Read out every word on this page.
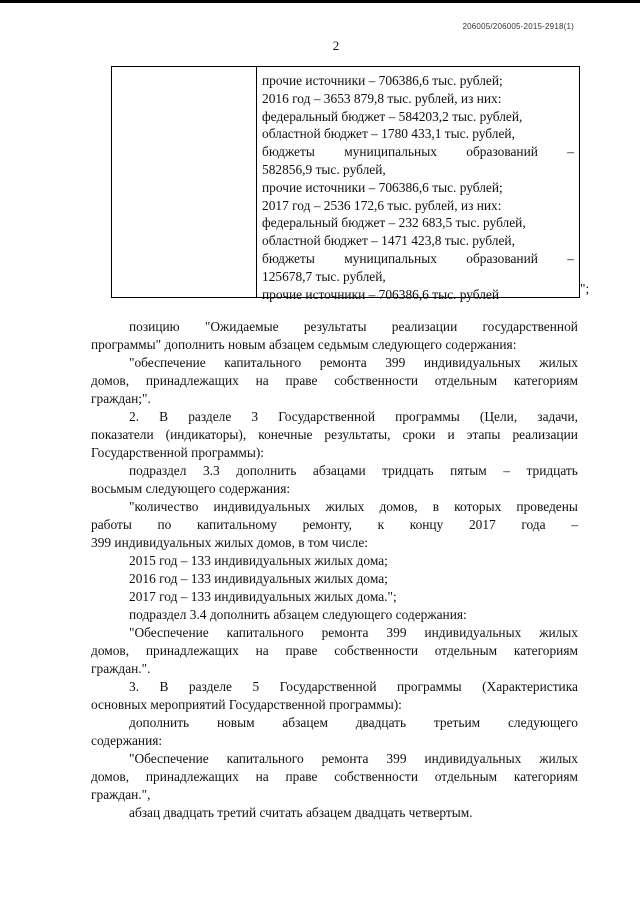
206005/206005-2015-2918(1)
2
прочие источники – 706386,6 тыс. рублей;
2016 год – 3653 879,8 тыс. рублей, из них:
федеральный бюджет – 584203,2 тыс. рублей,
областной бюджет – 1780 433,1 тыс. рублей,
бюджеты муниципальных образований –
582856,9 тыс. рублей,
прочие источники – 706386,6 тыс. рублей;
2017 год – 2536 172,6 тыс. рублей, из них:
федеральный бюджет – 232 683,5 тыс. рублей,
областной бюджет – 1471 423,8 тыс. рублей,
бюджеты муниципальных образований –
125678,7 тыс. рублей,
прочие источники – 706386,6 тыс. рублей	";
позицию "Ожидаемые результаты реализации государственной
программы" дополнить новым абзацем седьмым следующего содержания:
"обеспечение капитального ремонта 399 индивидуальных жилых
домов, принадлежащих на праве собственности отдельным категориям
граждан;".
2. В разделе 3 Государственной программы (Цели, задачи,
показатели (индикаторы), конечные результаты, сроки и этапы реализации
Государственной программы):
подраздел 3.3 дополнить абзацами тридцать пятым – тридцать
восьмым следующего содержания:
"количество индивидуальных жилых домов, в которых проведены
работы по капитальному ремонту, к концу 2017 года –
399 индивидуальных жилых домов, в том числе:
2015 год – 133 индивидуальных жилых дома;
2016 год – 133 индивидуальных жилых дома;
2017 год – 133 индивидуальных жилых дома.";
подраздел 3.4 дополнить абзацем следующего содержания:
"Обеспечение капитального ремонта 399 индивидуальных жилых
домов, принадлежащих на праве собственности отдельным категориям
граждан.".
3. В разделе 5 Государственной программы (Характеристика
основных мероприятий Государственной программы):
дополнить новым абзацем двадцать третьим следующего
содержания:
"Обеспечение капитального ремонта 399 индивидуальных жилых
домов, принадлежащих на праве собственности отдельным категориям
граждан.",
абзац двадцать третий считать абзацем двадцать четвертым.
